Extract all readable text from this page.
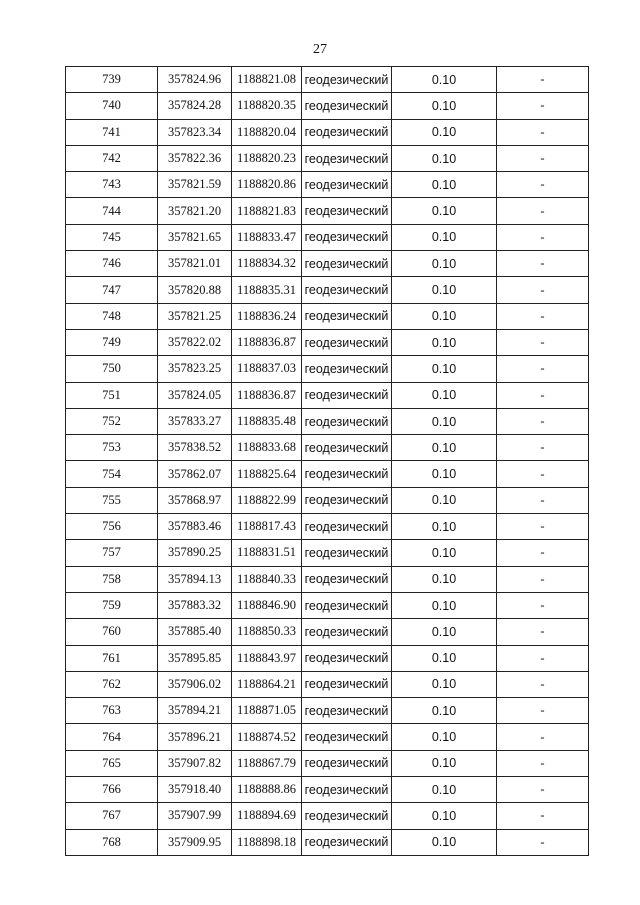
27
739	357824.96	1188821.08	геодезический	0.10	-
740	357824.28	1188820.35	геодезический	0.10	-
741	357823.34	1188820.04	геодезический	0.10	-
742	357822.36	1188820.23	геодезический	0.10	-
743	357821.59	1188820.86	геодезический	0.10	-
744	357821.20	1188821.83	геодезический	0.10	-
745	357821.65	1188833.47	геодезический	0.10	-
746	357821.01	1188834.32	геодезический	0.10	-
747	357820.88	1188835.31	геодезический	0.10	-
748	357821.25	1188836.24	геодезический	0.10	-
749	357822.02	1188836.87	геодезический	0.10	-
750	357823.25	1188837.03	геодезический	0.10	-
751	357824.05	1188836.87	геодезический	0.10	-
752	357833.27	1188835.48	геодезический	0.10	-
753	357838.52	1188833.68	геодезический	0.10	-
754	357862.07	1188825.64	геодезический	0.10	-
755	357868.97	1188822.99	геодезический	0.10	-
756	357883.46	1188817.43	геодезический	0.10	-
757	357890.25	1188831.51	геодезический	0.10	-
758	357894.13	1188840.33	геодезический	0.10	-
759	357883.32	1188846.90	геодезический	0.10	-
760	357885.40	1188850.33	геодезический	0.10	-
761	357895.85	1188843.97	геодезический	0.10	-
762	357906.02	1188864.21	геодезический	0.10	-
763	357894.21	1188871.05	геодезический	0.10	-
764	357896.21	1188874.52	геодезический	0.10	-
765	357907.82	1188867.79	геодезический	0.10	-
766	357918.40	1188888.86	геодезический	0.10	-
767	357907.99	1188894.69	геодезический	0.10	-
768	357909.95	1188898.18	геодезический	0.10	-
